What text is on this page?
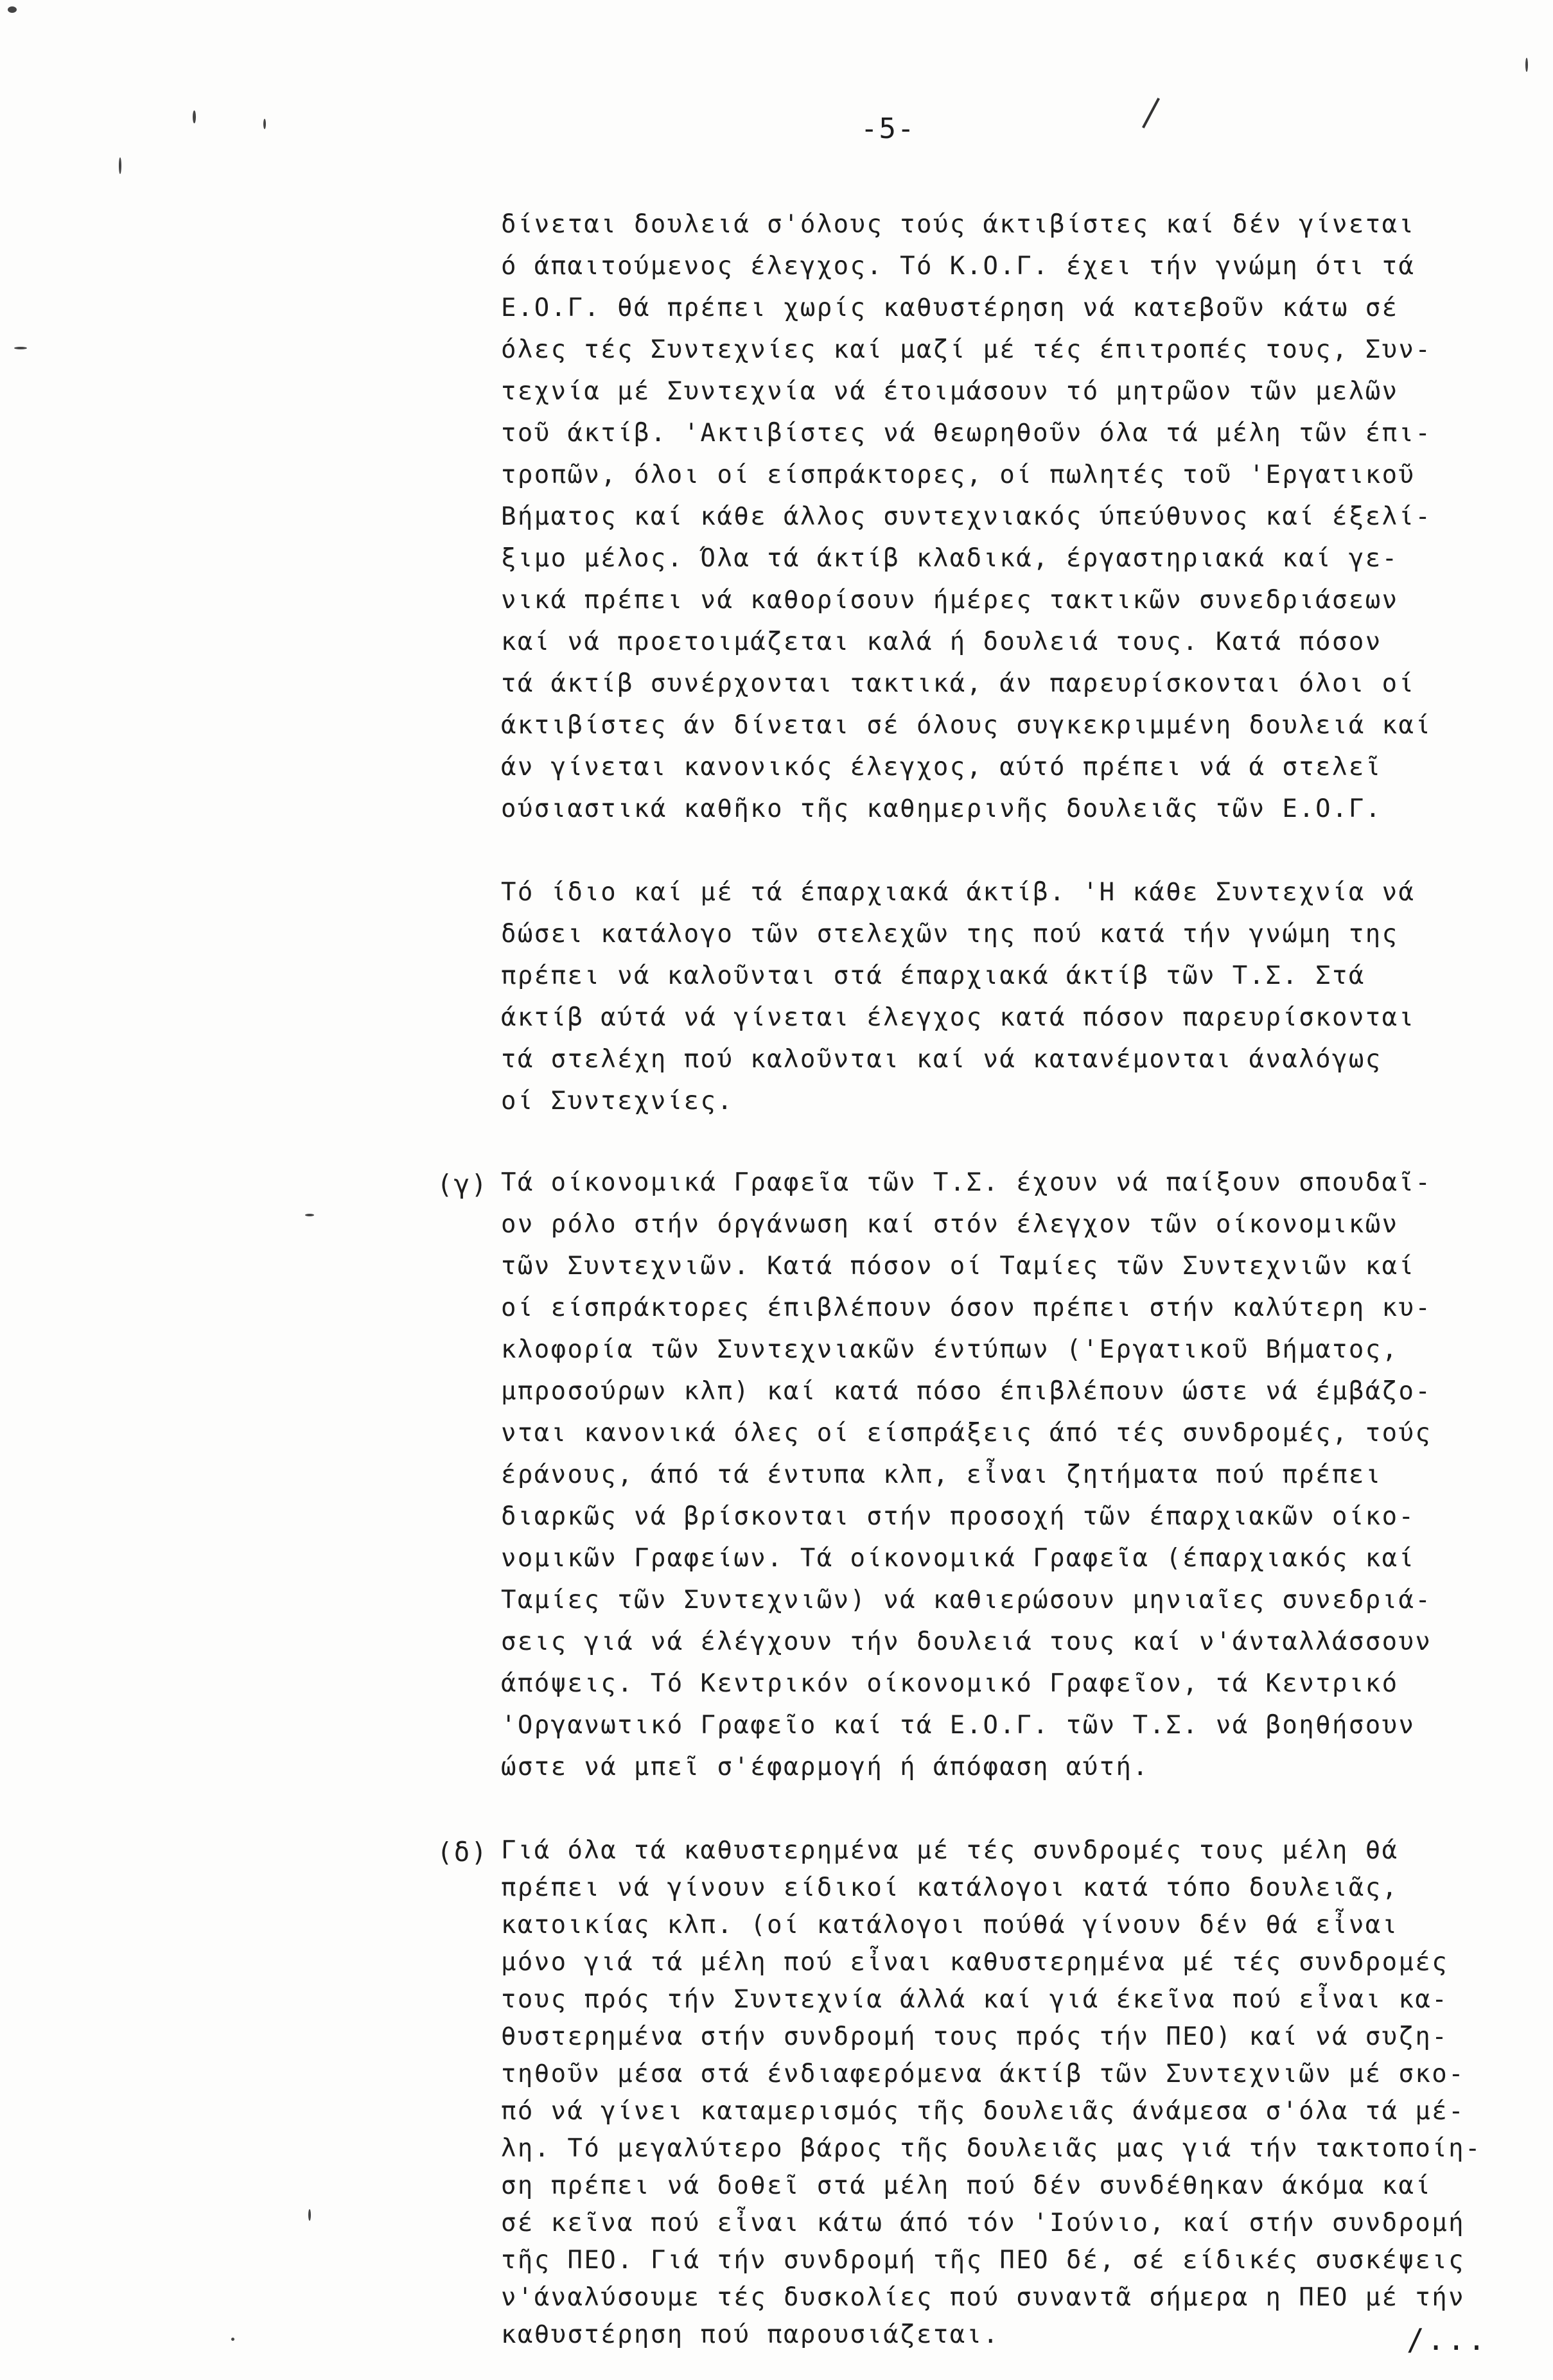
-5-
δίνεται δουλειά σ'όλους τούς άκτιβίστες καί δέν γίνεται
ό άπαιτούμενος έλεγχος. Τό Κ.Ο.Γ. έχει τήν γνώμη ότι τά
Ε.Ο.Γ. θά πρέπει χωρίς καθυστέρηση νά κατεβοῦν κάτω σέ
όλες τές Συντεχνίες καί μαζί μέ τές έπιτροπές τους, Συν-
τεχνία μέ Συντεχνία νά έτοιμάσουν τό μητρῶον τῶν μελῶν
τοῦ άκτίβ. 'Ακτιβίστες νά θεωρηθοῦν όλα τά μέλη τῶν έπι-
τροπῶν, όλοι οί είσπράκτορες, οί πωλητές τοῦ 'Εργατικοῦ
Βήματος καί κάθε άλλος συντεχνιακός ύπεύθυνος καί έξελί-
ξιμο μέλος. Όλα τά άκτίβ κλαδικά, έργαστηριακά καί γε-
νικά πρέπει νά καθορίσουν ήμέρες τακτικῶν συνεδριάσεων
καί νά προετοιμάζεται καλά ή δουλειά τους. Κατά πόσον
τά άκτίβ συνέρχονται τακτικά, άν παρευρίσκονται όλοι οί
άκτιβίστες άν δίνεται σέ όλους συγκεκριμμένη δουλειά καί
άν γίνεται κανονικός έλεγχος, αύτό πρέπει νά ά στελεῖ
ούσιαστικά καθῆκο τῆς καθημερινῆς δουλειᾶς τῶν Ε.Ο.Γ.
Τό ίδιο καί μέ τά έπαρχιακά άκτίβ. 'Η κάθε Συντεχνία νά
δώσει κατάλογο τῶν στελεχῶν της πού κατά τήν γνώμη της
πρέπει νά καλοῦνται στά έπαρχιακά άκτίβ τῶν Τ.Σ. Στά
άκτίβ αύτά νά γίνεται έλεγχος κατά πόσον παρευρίσκονται
τά στελέχη πού καλοῦνται καί νά κατανέμονται άναλόγως
οί Συντεχνίες.
(γ) Τά οίκονομικά Γραφεῖα τῶν Τ.Σ. έχουν νά παίξουν σπουδαῖ-
ον ρόλο στήν όργάνωση καί στόν έλεγχον τῶν οίκονομικῶν
τῶν Συντεχνιῶν. Κατά πόσον οί Ταμίες τῶν Συντεχνιῶν καί
οί είσπράκτορες έπιβλέπουν όσον πρέπει στήν καλύτερη κυ-
κλοφορία τῶν Συντεχνιακῶν έντύπων ('Εργατικοῦ Βήματος,
μπροσούρων κλπ) καί κατά πόσο έπιβλέπουν ώστε νά έμβάζο-
νται κανονικά όλες οί είσπράξεις άπό τές συνδρομές, τούς
έράνους, άπό τά έντυπα κλπ, εἶναι ζητήματα πού πρέπει
διαρκῶς νά βρίσκονται στήν προσοχή τῶν έπαρχιακῶν οίκο-
νομικῶν Γραφείων. Τά οίκονομικά Γραφεῖα (έπαρχιακός καί
Ταμίες τῶν Συντεχνιῶν) νά καθιερώσουν μηνιαῖες συνεδριά-
σεις γιά νά έλέγχουν τήν δουλειά τους καί ν'άνταλλάσσουν
άπόψεις. Τό Κεντρικόν οίκονομικό Γραφεῖον, τά Κεντρικό
'Οργανωτικό Γραφεῖο καί τά Ε.Ο.Γ. τῶν Τ.Σ. νά βοηθήσουν
ώστε νά μπεῖ σ'έφαρμογή ή άπόφαση αύτή.
(δ) Γιά όλα τά καθυστερημένα μέ τές συνδρομές τους μέλη θά
πρέπει νά γίνουν είδικοί κατάλογοι κατά τόπο δουλειᾶς,
κατοικίας κλπ. (οί κατάλογοι πούθά γίνουν δέν θά εἶναι
μόνο γιά τά μέλη πού εἶναι καθυστερημένα μέ τές συνδρομές
τους πρός τήν Συντεχνία άλλά καί γιά έκεῖνα πού εἶναι κα-
θυστερημένα στήν συνδρομή τους πρός τήν ΠΕΟ) καί νά συζη-
τηθοῦν μέσα στά ένδιαφερόμενα άκτίβ τῶν Συντεχνιῶν μέ σκο-
πό νά γίνει καταμερισμός τῆς δουλειᾶς άνάμεσα σ'όλα τά μέ-
λη. Τό μεγαλύτερο βάρος τῆς δουλειᾶς μας γιά τήν τακτοποίη-
ση πρέπει νά δοθεῖ στά μέλη πού δέν συνδέθηκαν άκόμα καί
σέ κεῖνα πού εἶναι κάτω άπό τόν 'Ιούνιο, καί στήν συνδρομή
τῆς ΠΕΟ. Γιά τήν συνδρομή τῆς ΠΕΟ δέ, σέ είδικές συσκέψεις
ν'άναλύσουμε τές δυσκολίες πού συναντᾶ σήμερα η ΠΕΟ μέ τήν
καθυστέρηση πού παρουσιάζεται.	/...
